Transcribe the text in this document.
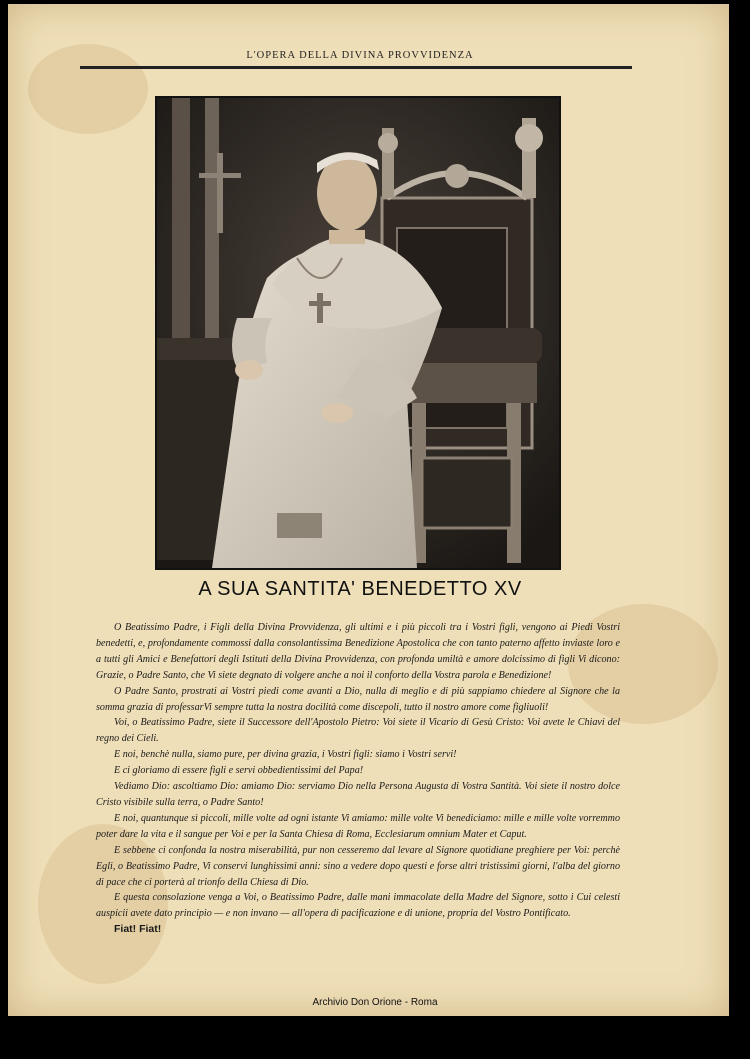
L'OPERA DELLA DIVINA PROVVIDENZA
A SUA SANTITA' BENEDETTO XV

O Beatissimo Padre, i Figli della Divina Provvidenza, gli ultimi e i più piccoli tra i Vostri figli, vengono ai Piedi Vostri benedetti, e, profondamente commossi dalla consolantissima Benedizione Apostolica che con tanto paterno affetto inviaste loro e a tutti gli Amici e Benefattori degli Istituti della Divina Provvidenza, con profonda umiltà e amore dolcissimo di figli Vi dicono: Grazie, o Padre Santo, che Vi siete degnato di volgere anche a noi il conforto della Vostra parola e Benedizione!

O Padre Santo, prostrati ai Vostri piedi come avanti a Dio, nulla di meglio e di più sappiamo chiedere al Signore che la somma grazia di professarVi sempre tutta la nostra docilità come discepoli, tutto il nostro amore come figliuoli!

Voi, o Beatissimo Padre, siete il Successore dell'Apostolo Pietro: Voi siete il Vicario di Gesù Cristo: Voi avete le Chiavi del regno dei Cieli.

E noi, benchè nulla, siamo pure, per divina grazia, i Vostri figli: siamo i Vostri servi!

E ci gloriamo di essere figli e servi obbedientissimi del Papa!

Vediamo Dio: ascoltiamo Dio: amiamo Dio: serviamo Dio nella Persona Augusta di Vostra Santità. Voi siete il nostro dolce Cristo visibile sulla terra, o Padre Santo!

E noi, quantunque sì piccoli, mille volte ad ogni istante Vi amiamo: mille volte Vi benediciamo: mille e mille volte vorremmo poter dare la vita e il sangue per Voi e per la Santa Chiesa di Roma, Ecclesiarum omnium Mater et Caput.

E sebbene ci confonda la nostra miserabilità, pur non cesseremo dal levare al Signore quotidiane preghiere per Voi: perchè Egli, o Beatissimo Padre, Vi conservi lunghissimi anni: sino a vedere dopo questi e forse altri tristissimi giorni, l'alba del giorno di pace che ci porterà al trionfo della Chiesa di Dio.

E questa consolazione venga a Voi, o Beatissimo Padre, dalle mani immacolate della Madre del Signore, sotto i Cui celesti auspicii avete dato principio — e non invano — all'opera di pacificazione e di unione, propria del Vostro Pontificato.

Fiat! Fiat!

Archivio Don Orione - Roma
